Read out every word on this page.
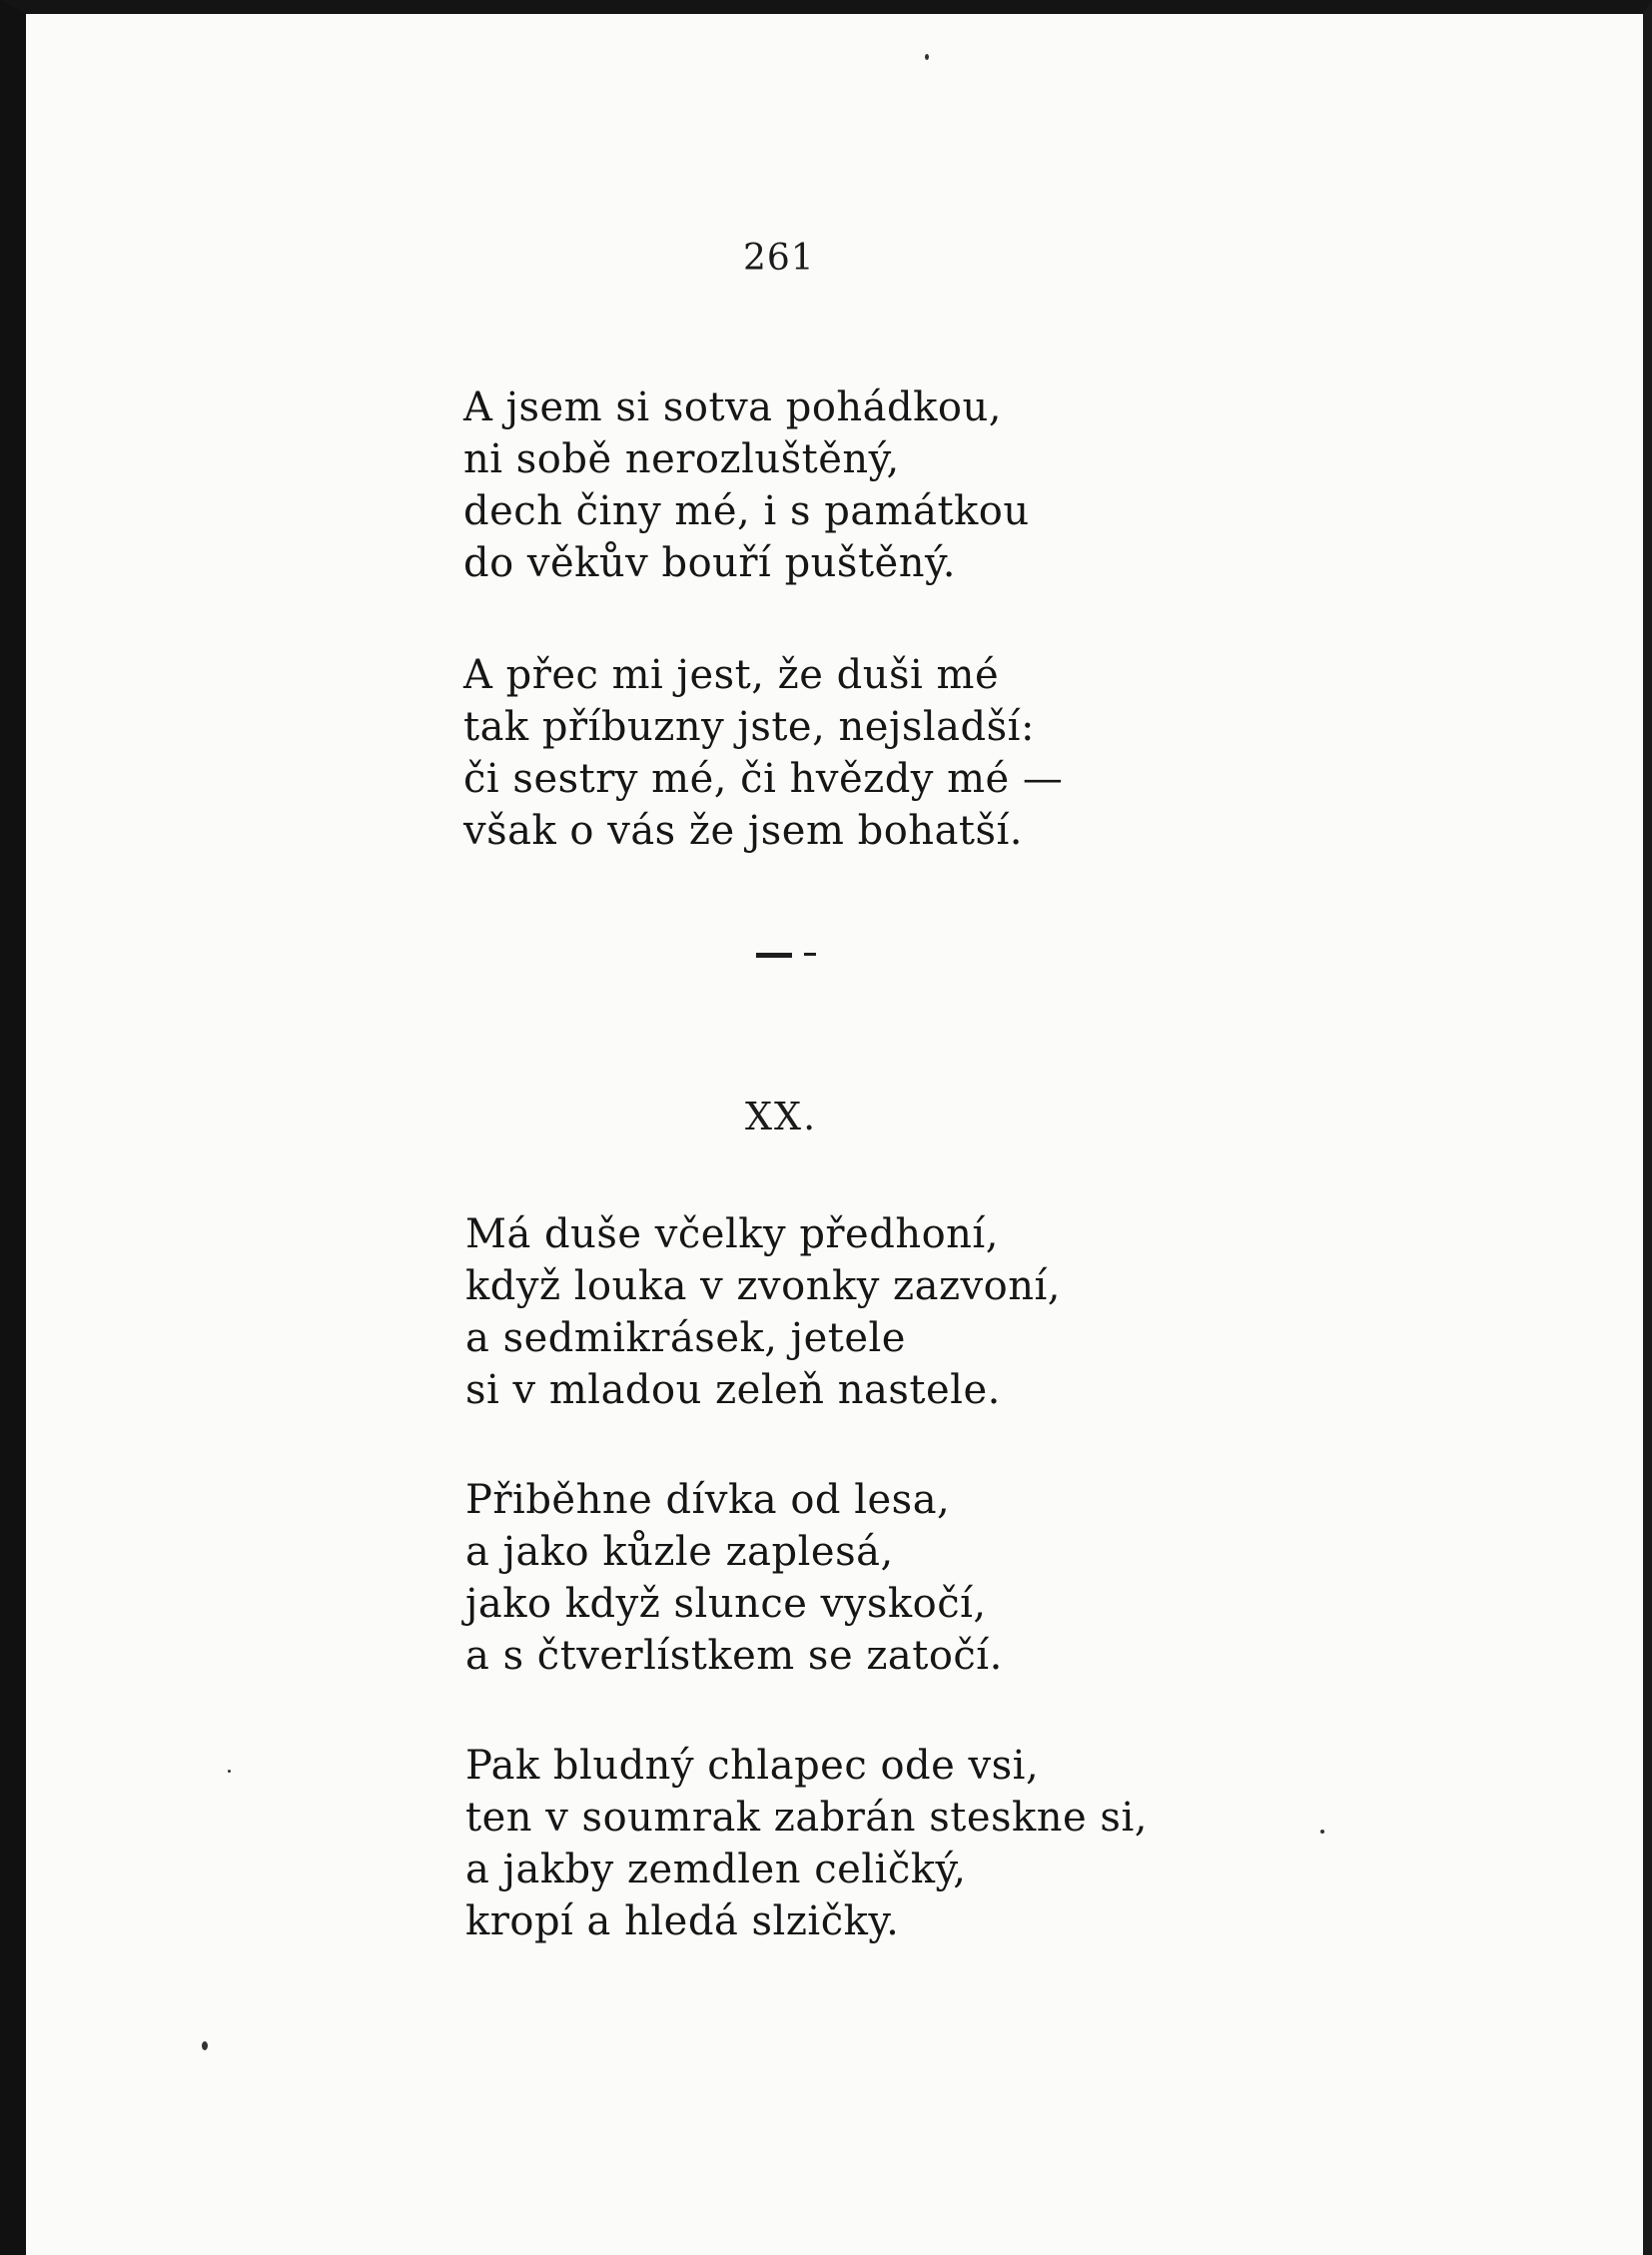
261

A jsem si sotva pohádkou,
ni sobě nerozluštěný,
dech činy mé, i s památkou
do věkův bouří puštěný.
A přec mi jest, že duši mé
tak příbuzny jste, nejsladší:
či sestry mé, či hvězdy mé —
však o vás že jsem bohatší.

XX.

Má duše včelky předhoní,
když louka v zvonky zazvoní,
a sedmikrásek, jetele
si v mladou zeleň nastele.
Přiběhne dívka od lesa,
a jako kůzle zaplesá,
jako když slunce vyskočí,
a s čtverlístkem se zatočí.
Pak bludný chlapec ode vsi,
ten v soumrak zabrán steskne si,
a jakby zemdlen celičký,
kropí a hledá slzičky.
